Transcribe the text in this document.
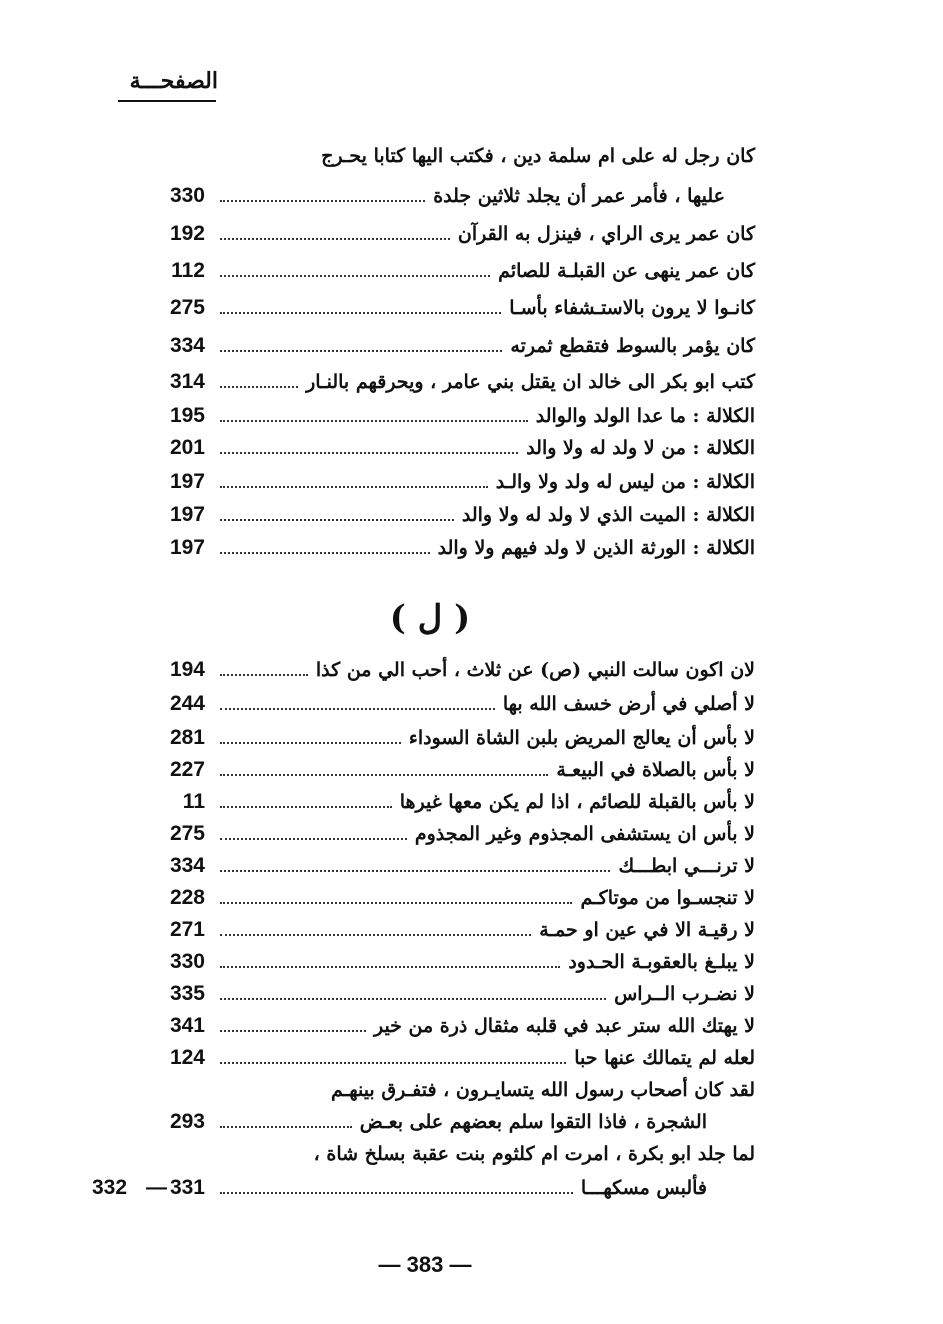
الصفحـــة
كان رجل له على ام سلمة دين ، فكتب اليها كتابا يحـرج
عليها ، فأمر عمر أن يجلد ثلاثين جلدة
330
كان عمر يرى الراي ، فينزل به القرآن
192
كان عمر ينهى عن القبلـة للصائم
112
كانـوا لا يرون بالاستـشفاء بأسـا
275
كان يؤمر بالسوط فتقطع ثمرته
334
كتب ابو بكر الى خالد ان يقتل بني عامر ، ويحرقهم بالنـار
314
الكلالة : ما عدا الولد والوالد
195
الكلالة : من لا ولد له ولا والد
201
الكلالة : من ليس له ولد ولا والـد
197
الكلالة : الميت الذي لا ولد له ولا والد
197
الكلالة : الورثة الذين لا ولد فيهم ولا والد
197
( ل )
لان اكون سالت النبي (ص) عن ثلاث ، أحب الي من كذا
194
لا أصلي في أرض خسف الله بها
244
لا بأس أن يعالج المريض بلبن الشاة السوداء
281
لا بأس بالصلاة في البيعـة
227
لا بأس بالقبلة للصائم ، اذا لم يكن معها غيرها
11
لا بأس ان يستشفى المجذوم وغير المجذوم
275
لا ترنـــي ابطـــك
334
لا تنجسـوا من موتاكـم
228
لا رقيـة الا في عين او حمـة
271
لا يبلـغ بالعقوبـة الحـدود
330
لا نضـرب الــراس
335
لا يهتك الله ستر عبد في قلبه مثقال ذرة من خير
341
لعله لم يتمالك عنها حبا
124
لقد كان أصحاب رسول الله يتسايـرون ، فتفـرق بينهـم
الشجرة ، فاذا التقوا سلم بعضهم على بعـض
293
لما جلد ابو بكرة ، امرت ام كلثوم بنت عقبة بسلخ شاة ،
فألبس مسكهـــا
331
332 —
— 383 —
